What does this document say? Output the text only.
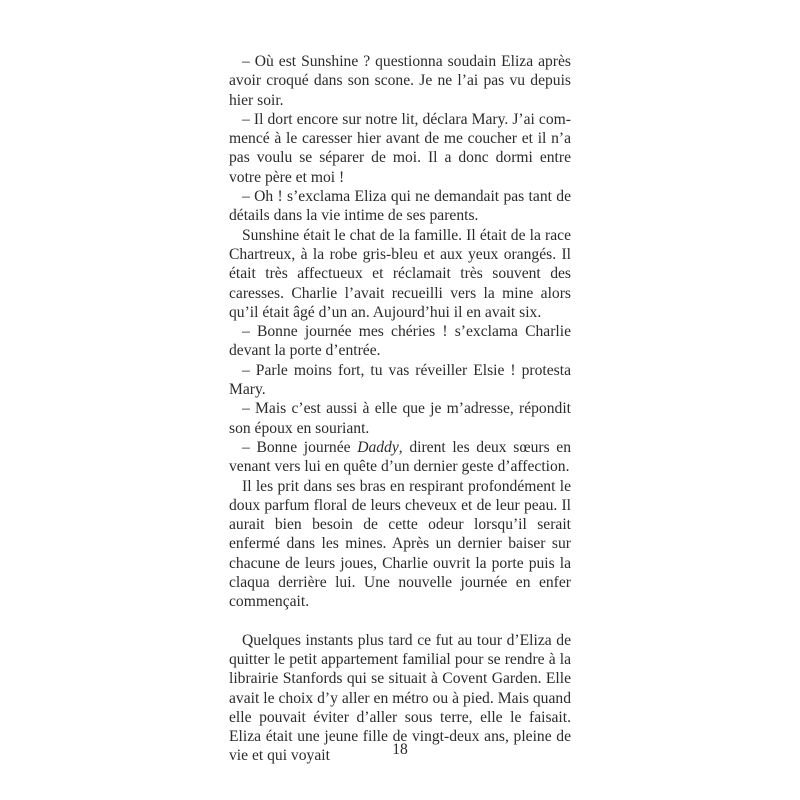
– Où est Sunshine ? questionna soudain Eliza après avoir croqué dans son scone. Je ne l’ai pas vu depuis hier soir.

– Il dort encore sur notre lit, déclara Mary. J’ai commencé à le caresser hier avant de me coucher et il n’a pas voulu se séparer de moi. Il a donc dormi entre votre père et moi !

– Oh ! s’exclama Eliza qui ne demandait pas tant de détails dans la vie intime de ses parents.

Sunshine était le chat de la famille. Il était de la race Chartreux, à la robe gris-bleu et aux yeux orangés. Il était très affectueux et réclamait très souvent des caresses. Charlie l’avait recueilli vers la mine alors qu’il était âgé d’un an. Aujourd’hui il en avait six.

– Bonne journée mes chéries ! s’exclama Charlie devant la porte d’entrée.

– Parle moins fort, tu vas réveiller Elsie ! protesta Mary.

– Mais c’est aussi à elle que je m’adresse, répondit son époux en souriant.

– Bonne journée Daddy, dirent les deux sœurs en venant vers lui en quête d’un dernier geste d’affection.

Il les prit dans ses bras en respirant profondément le doux parfum floral de leurs cheveux et de leur peau. Il aurait bien besoin de cette odeur lorsqu’il serait enfermé dans les mines. Après un dernier baiser sur chacune de leurs joues, Charlie ouvrit la porte puis la claqua derrière lui. Une nouvelle journée en enfer commençait.

Quelques instants plus tard ce fut au tour d’Eliza de quitter le petit appartement familial pour se rendre à la librairie Stanfords qui se situait à Covent Garden. Elle avait le choix d’y aller en métro ou à pied. Mais quand elle pouvait éviter d’aller sous terre, elle le faisait. Eliza était une jeune fille de vingt-deux ans, pleine de vie et qui voyait	18
